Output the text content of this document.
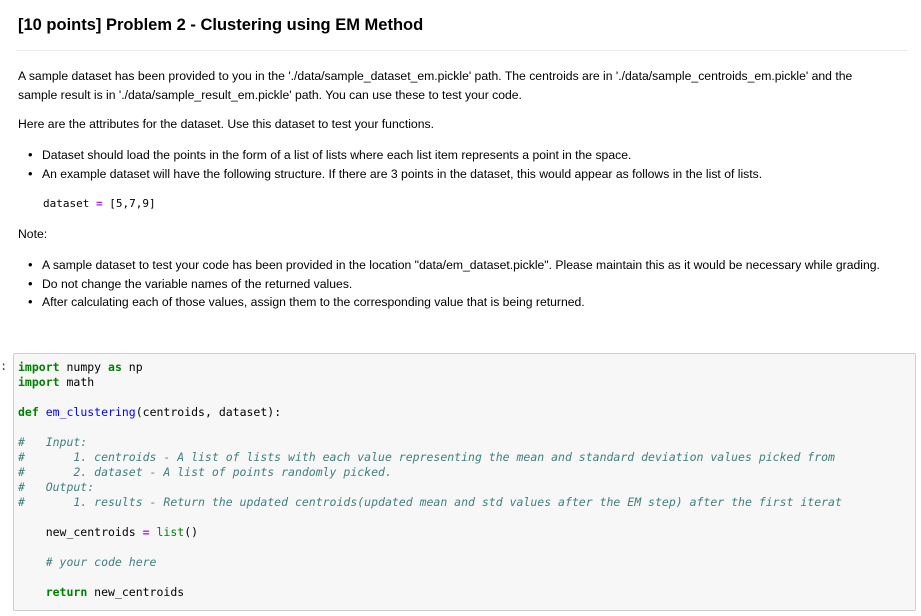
[10 points] Problem 2 - Clustering using EM Method
A sample dataset has been provided to you in the './data/sample_dataset_em.pickle' path. The centroids are in './data/sample_centroids_em.pickle' and the
sample result is in './data/sample_result_em.pickle' path. You can use these to test your code.
Here are the attributes for the dataset. Use this dataset to test your functions.
• Dataset should load the points in the form of a list of lists where each list item represents a point in the space.
• An example dataset will have the following structure. If there are 3 points in the dataset, this would appear as follows in the list of lists.
dataset = [5,7,9]
Note:
• A sample dataset to test your code has been provided in the location "data/em_dataset.pickle". Please maintain this as it would be necessary while grading.
• Do not change the variable names of the returned values.
• After calculating each of those values, assign them to the corresponding value that is being returned.
: import numpy as np
import math

def em_clustering(centroids, dataset):

#   Input:
#       1. centroids - A list of lists with each value representing the mean and standard deviation values picked from
#       2. dataset - A list of points randomly picked.
#   Output:
#       1. results - Return the updated centroids(updated mean and std values after the EM step) after the first iterat

new_centroids = list()

# your code here

return new_centroids
